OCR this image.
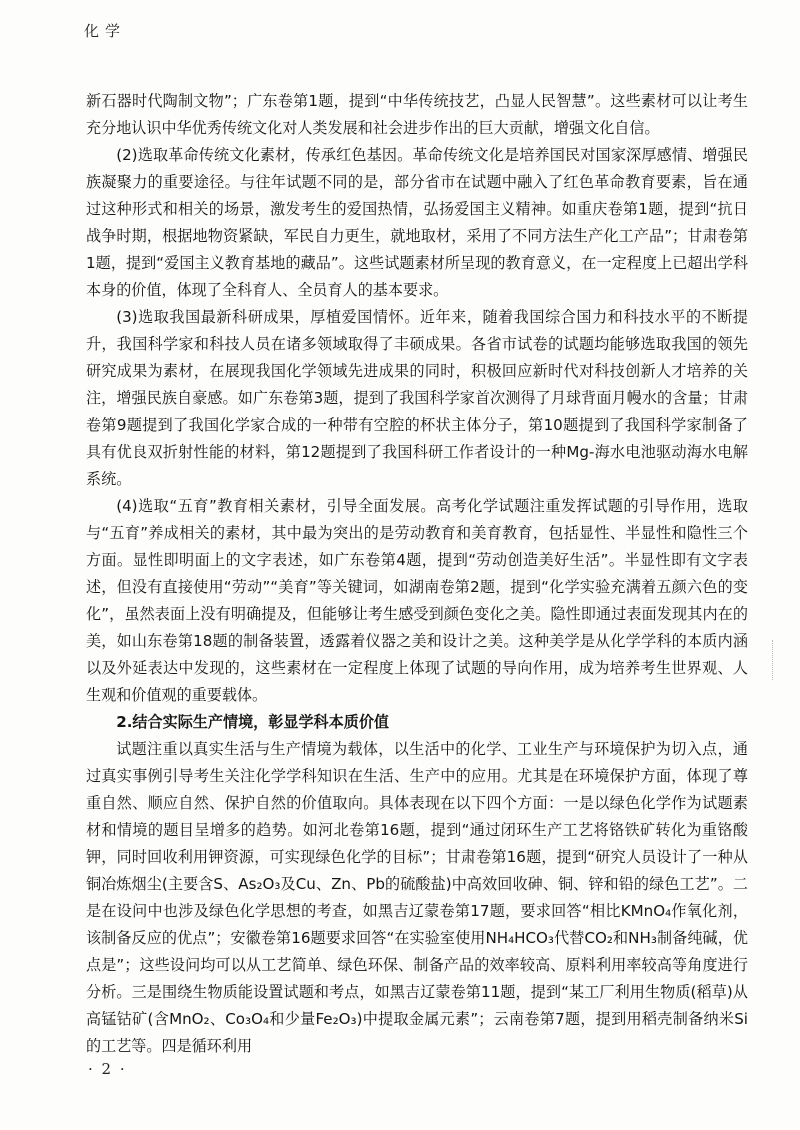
化学

新石器时代陶制文物”；广东卷第1题，提到“中华传统技艺，凸显人民智慧”。这些素材可以让考生充分地认识中华优秀传统文化对人类发展和社会进步作出的巨大贡献，增强文化自信。

(2)选取革命传统文化素材，传承红色基因。革命传统文化是培养国民对国家深厚感情、增强民族凝聚力的重要途径。与往年试题不同的是，部分省市在试题中融入了红色革命教育要素，旨在通过这种形式和相关的场景，激发考生的爱国热情，弘扬爱国主义精神。如重庆卷第1题，提到“抗日战争时期，根据地物资紧缺，军民自力更生，就地取材，采用了不同方法生产化工产品”；甘肃卷第1题，提到“爱国主义教育基地的藏品”。这些试题素材所呈现的教育意义，在一定程度上已超出学科本身的价值，体现了全科育人、全员育人的基本要求。

(3)选取我国最新科研成果，厚植爱国情怀。近年来，随着我国综合国力和科技水平的不断提升，我国科学家和科技人员在诸多领域取得了丰硕成果。各省市试卷的试题均能够选取我国的领先研究成果为素材，在展现我国化学领域先进成果的同时，积极回应新时代对科技创新人才培养的关注，增强民族自豪感。如广东卷第3题，提到了我国科学家首次测得了月球背面月幔水的含量；甘肃卷第9题提到了我国化学家合成的一种带有空腔的杯状主体分子，第10题提到了我国科学家制备了具有优良双折射性能的材料，第12题提到了我国科研工作者设计的一种Mg-海水电池驱动海水电解系统。

(4)选取“五育”教育相关素材，引导全面发展。高考化学试题注重发挥试题的引导作用，选取与“五育”养成相关的素材，其中最为突出的是劳动教育和美育教育，包括显性、半显性和隐性三个方面。显性即明面上的文字表述，如广东卷第4题，提到“劳动创造美好生活”。半显性即有文字表述，但没有直接使用“劳动”“美育”等关键词，如湖南卷第2题，提到“化学实验充满着五颜六色的变化”，虽然表面上没有明确提及，但能够让考生感受到颜色变化之美。隐性即通过表面发现其内在的美，如山东卷第18题的制备装置，透露着仪器之美和设计之美。这种美学是从化学学科的本质内涵以及外延表达中发现的，这些素材在一定程度上体现了试题的导向作用，成为培养考生世界观、人生观和价值观的重要载体。

2.结合实际生产情境，彰显学科本质价值

试题注重以真实生活与生产情境为载体，以生活中的化学、工业生产与环境保护为切入点，通过真实事例引导考生关注化学学科知识在生活、生产中的应用。尤其是在环境保护方面，体现了尊重自然、顺应自然、保护自然的价值取向。具体表现在以下四个方面：一是以绿色化学作为试题素材和情境的题目呈增多的趋势。如河北卷第16题，提到“通过闭环生产工艺将铬铁矿转化为重铬酸钾，同时回收利用钾资源，可实现绿色化学的目标”；甘肃卷第16题，提到“研究人员设计了一种从铜冶炼烟尘(主要含S、As₂O₃及Cu、Zn、Pb的硫酸盐)中高效回收砷、铜、锌和铅的绿色工艺”。二是在设问中也涉及绿色化学思想的考查，如黑吉辽蒙卷第17题，要求回答“相比KMnO₄作氧化剂，该制备反应的优点”；安徽卷第16题要求回答“在实验室使用NH₄HCO₃代替CO₂和NH₃制备纯碱，优点是”；这些设问均可以从工艺简单、绿色环保、制备产品的效率较高、原料利用率较高等角度进行分析。三是围绕生物质能设置试题和考点，如黑吉辽蒙卷第11题，提到“某工厂利用生物质(稻草)从高锰钴矿(含MnO₂、Co₃O₄和少量Fe₂O₃)中提取金属元素”；云南卷第7题，提到用稻壳制备纳米Si的工艺等。四是循环利用

· 2 ·
